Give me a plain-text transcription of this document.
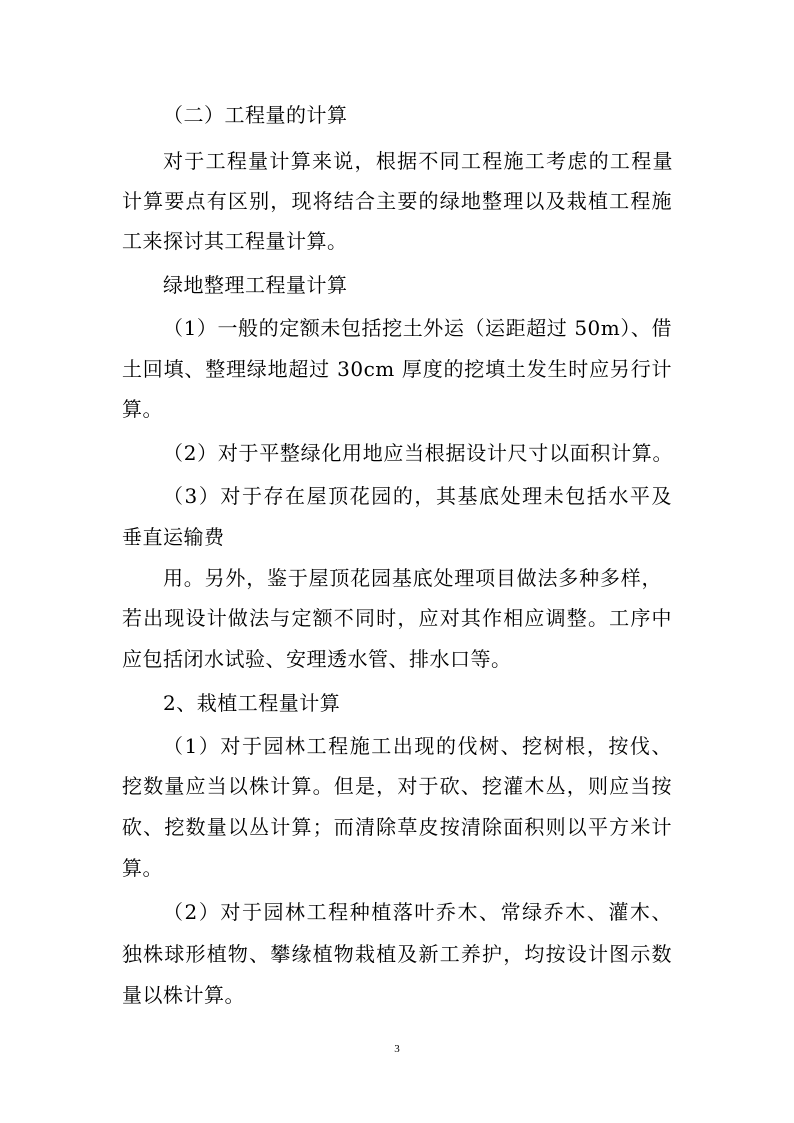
（二）工程量的计算
对于工程量计算来说，根据不同工程施工考虑的工程量
计算要点有区别，现将结合主要的绿地整理以及栽植工程施
工来探讨其工程量计算。
绿地整理工程量计算
（1）一般的定额未包括挖土外运（运距超过 50m）、借
土回填、整理绿地超过 30cm 厚度的挖填土发生时应另行计
算。
（2）对于平整绿化用地应当根据设计尺寸以面积计算。
（3）对于存在屋顶花园的，其基底处理未包括水平及
垂直运输费
用。另外，鉴于屋顶花园基底处理项目做法多种多样，
若出现设计做法与定额不同时，应对其作相应调整。工序中
应包括闭水试验、安理透水管、排水口等。
2、栽植工程量计算
（1）对于园林工程施工出现的伐树、挖树根，按伐、
挖数量应当以株计算。但是，对于砍、挖灌木丛，则应当按
砍、挖数量以丛计算；而清除草皮按清除面积则以平方米计
算。
（2）对于园林工程种植落叶乔木、常绿乔木、灌木、
独株球形植物、攀缘植物栽植及新工养护，均按设计图示数
量以株计算。
3
